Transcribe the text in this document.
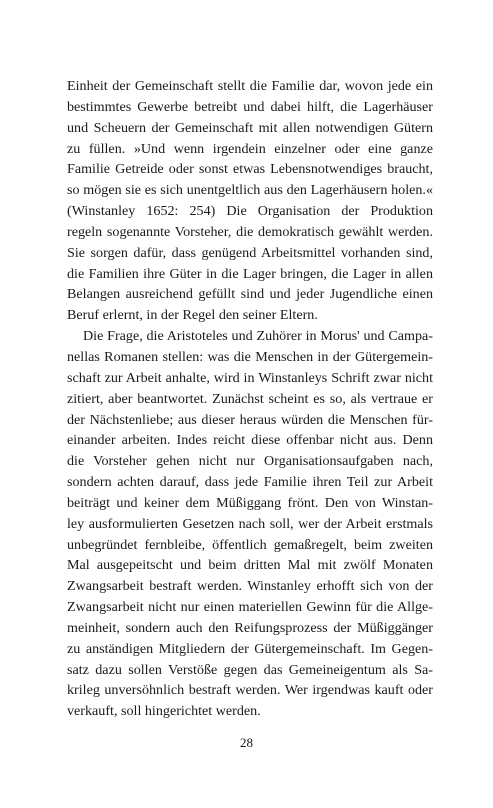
Einheit der Gemeinschaft stellt die Familie dar, wovon jede ein
bestimmtes Gewerbe betreibt und dabei hilft, die Lagerhäuser
und Scheuern der Gemeinschaft mit allen notwendigen Gütern
zu füllen. »Und wenn irgendein einzelner oder eine ganze
Familie Getreide oder sonst etwas Lebensnotwendiges braucht,
so mögen sie es sich unentgeltlich aus den Lagerhäusern holen.«
(Winstanley 1652: 254) Die Organisation der Produktion
regeln sogenannte Vorsteher, die demokratisch gewählt werden.
Sie sorgen dafür, dass genügend Arbeitsmittel vorhanden sind,
die Familien ihre Güter in die Lager bringen, die Lager in allen
Belangen ausreichend gefüllt sind und jeder Jugendliche einen
Beruf erlernt, in der Regel den seiner Eltern.
Die Frage, die Aristoteles und Zuhörer in Morus' und Campa-
nellas Romanen stellen: was die Menschen in der Gütergemein-
schaft zur Arbeit anhalte, wird in Winstanleys Schrift zwar nicht
zitiert, aber beantwortet. Zunächst scheint es so, als vertraue er
der Nächstenliebe; aus dieser heraus würden die Menschen für-
einander arbeiten. Indes reicht diese offenbar nicht aus. Denn
die Vorsteher gehen nicht nur Organisationsaufgaben nach,
sondern achten darauf, dass jede Familie ihren Teil zur Arbeit
beiträgt und keiner dem Müßiggang frönt. Den von Winstan-
ley ausformulierten Gesetzen nach soll, wer der Arbeit erstmals
unbegründet fernbleibe, öffentlich gemaßregelt, beim zweiten
Mal ausgepeitscht und beim dritten Mal mit zwölf Monaten
Zwangsarbeit bestraft werden. Winstanley erhofft sich von der
Zwangsarbeit nicht nur einen materiellen Gewinn für die Allge-
meinheit, sondern auch den Reifungsprozess der Müßiggänger
zu anständigen Mitgliedern der Gütergemeinschaft. Im Gegen-
satz dazu sollen Verstöße gegen das Gemeineigentum als Sa-
krileg unversöhnlich bestraft werden. Wer irgendwas kauft oder
verkauft, soll hingerichtet werden.
28
